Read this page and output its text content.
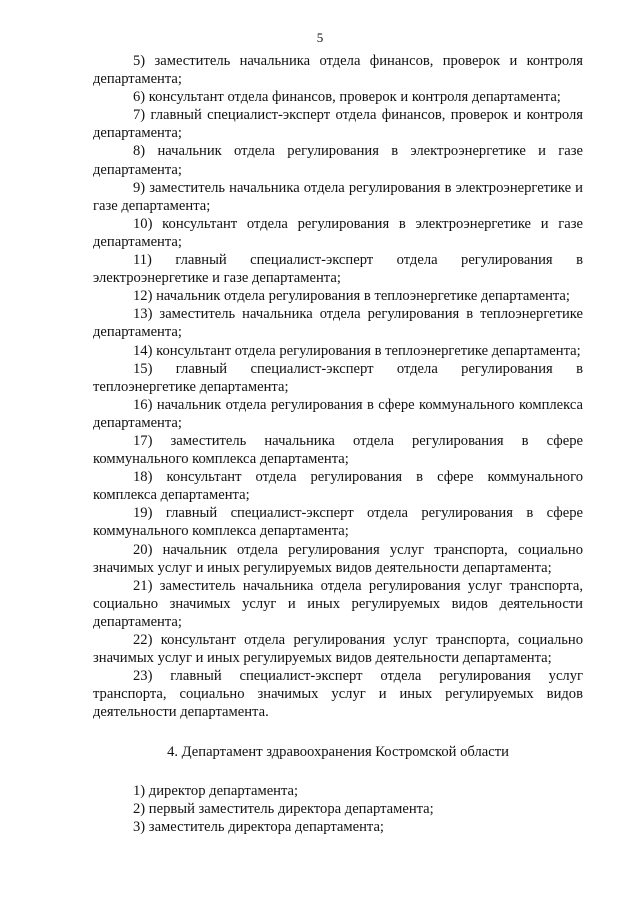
5

5) заместитель начальника отдела финансов, проверок и контроля департамента;

6) консультант отдела финансов, проверок и контроля департамента;

7) главный специалист-эксперт отдела финансов, проверок и контроля департамента;

8) начальник отдела регулирования в электроэнергетике и газе департамента;

9) заместитель начальника отдела регулирования в электроэнергетике и газе департамента;

10) консультант отдела регулирования в электроэнергетике и газе департамента;

11) главный специалист-эксперт отдела регулирования в электроэнергетике и газе департамента;

12) начальник отдела регулирования в теплоэнергетике департамента;

13) заместитель начальника отдела регулирования в теплоэнергетике департамента;

14) консультант отдела регулирования в теплоэнергетике департамента;

15) главный специалист-эксперт отдела регулирования в теплоэнергетике департамента;

16) начальник отдела регулирования в сфере коммунального комплекса департамента;

17) заместитель начальника отдела регулирования в сфере коммунального комплекса департамента;

18) консультант отдела регулирования в сфере коммунального комплекса департамента;

19) главный специалист-эксперт отдела регулирования в сфере коммунального комплекса департамента;

20) начальник отдела регулирования услуг транспорта, социально значимых услуг и иных регулируемых видов деятельности департамента;

21) заместитель начальника отдела регулирования услуг транспорта, социально значимых услуг и иных регулируемых видов деятельности департамента;

22) консультант отдела регулирования услуг транспорта, социально значимых услуг и иных регулируемых видов деятельности департамента;

23) главный специалист-эксперт отдела регулирования услуг транспорта, социально значимых услуг и иных регулируемых видов деятельности департамента.

4. Департамент здравоохранения Костромской области

1) директор департамента;

2) первый заместитель директора департамента;

3) заместитель директора департамента;
